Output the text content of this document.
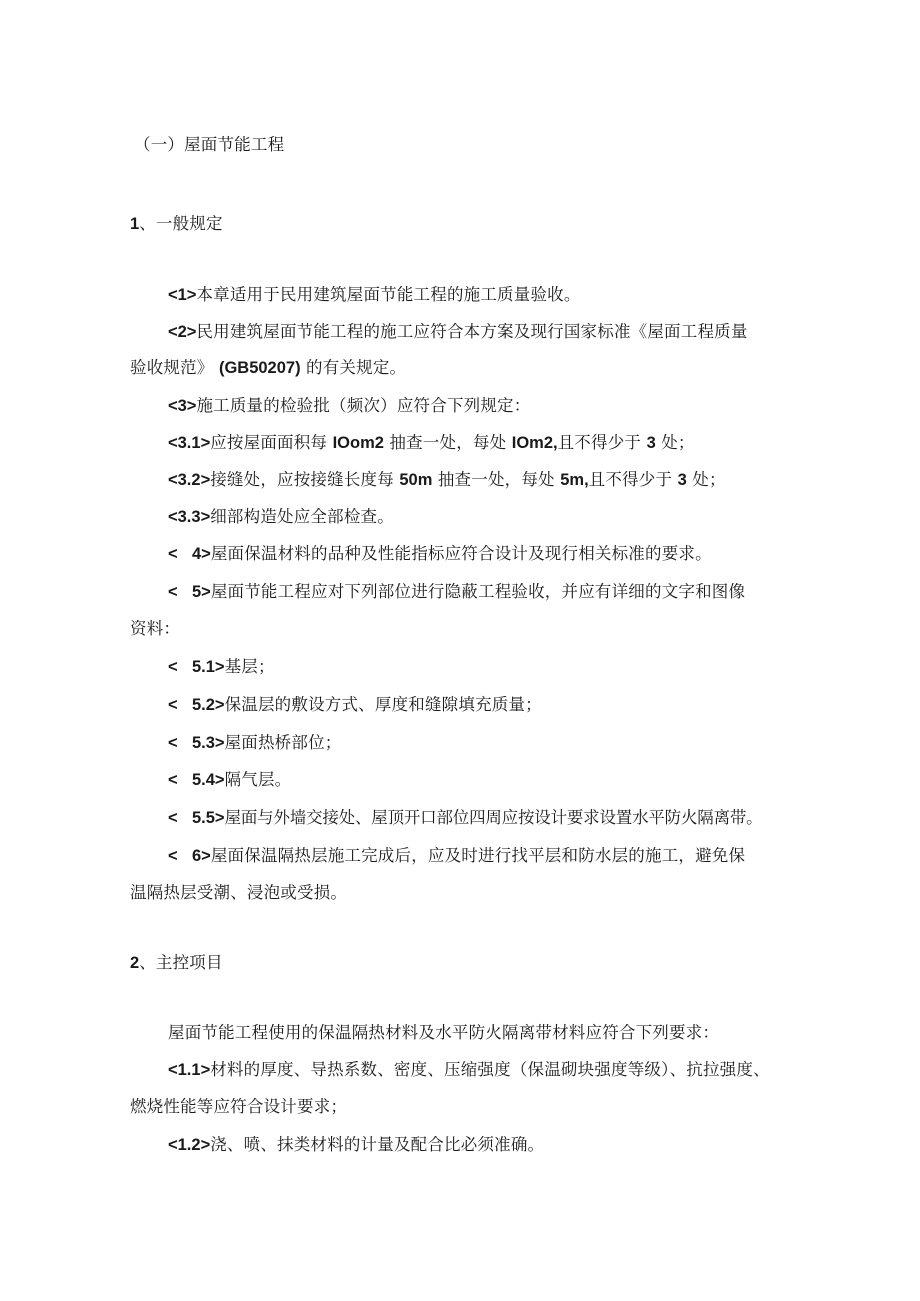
（一）屋面节能工程
1、一般规定
<1>本章适用于民用建筑屋面节能工程的施工质量验收。
<2>民用建筑屋面节能工程的施工应符合本方案及现行国家标准《屋面工程质量
验收规范》 (GB50207) 的有关规定。
<3>施工质量的检验批（频次）应符合下列规定：
<3.1>应按屋面面积每 IOom2 抽查一处，每处 IOm2,且不得少于 3 处；
<3.2>接缝处，应按接缝长度每 50m 抽查一处，每处 5m,且不得少于 3 处；
<3.3>细部构造处应全部检查。
< 4>屋面保温材料的品种及性能指标应符合设计及现行相关标准的要求。
< 5>屋面节能工程应对下列部位进行隐蔽工程验收，并应有详细的文字和图像
资料：
< 5.1>基层；
< 5.2>保温层的敷设方式、厚度和缝隙填充质量；
< 5.3>屋面热桥部位；
< 5.4>隔气层。
< 5.5>屋面与外墙交接处、屋顶开口部位四周应按设计要求设置水平防火隔离带。
< 6>屋面保温隔热层施工完成后，应及时进行找平层和防水层的施工，避免保
温隔热层受潮、浸泡或受损。
2、主控项目
屋面节能工程使用的保温隔热材料及水平防火隔离带材料应符合下列要求：
<1.1>材料的厚度、导热系数、密度、压缩强度（保温砌块强度等级）、抗拉强度、
燃烧性能等应符合设计要求；
<1.2>浇、喷、抹类材料的计量及配合比必须准确。
